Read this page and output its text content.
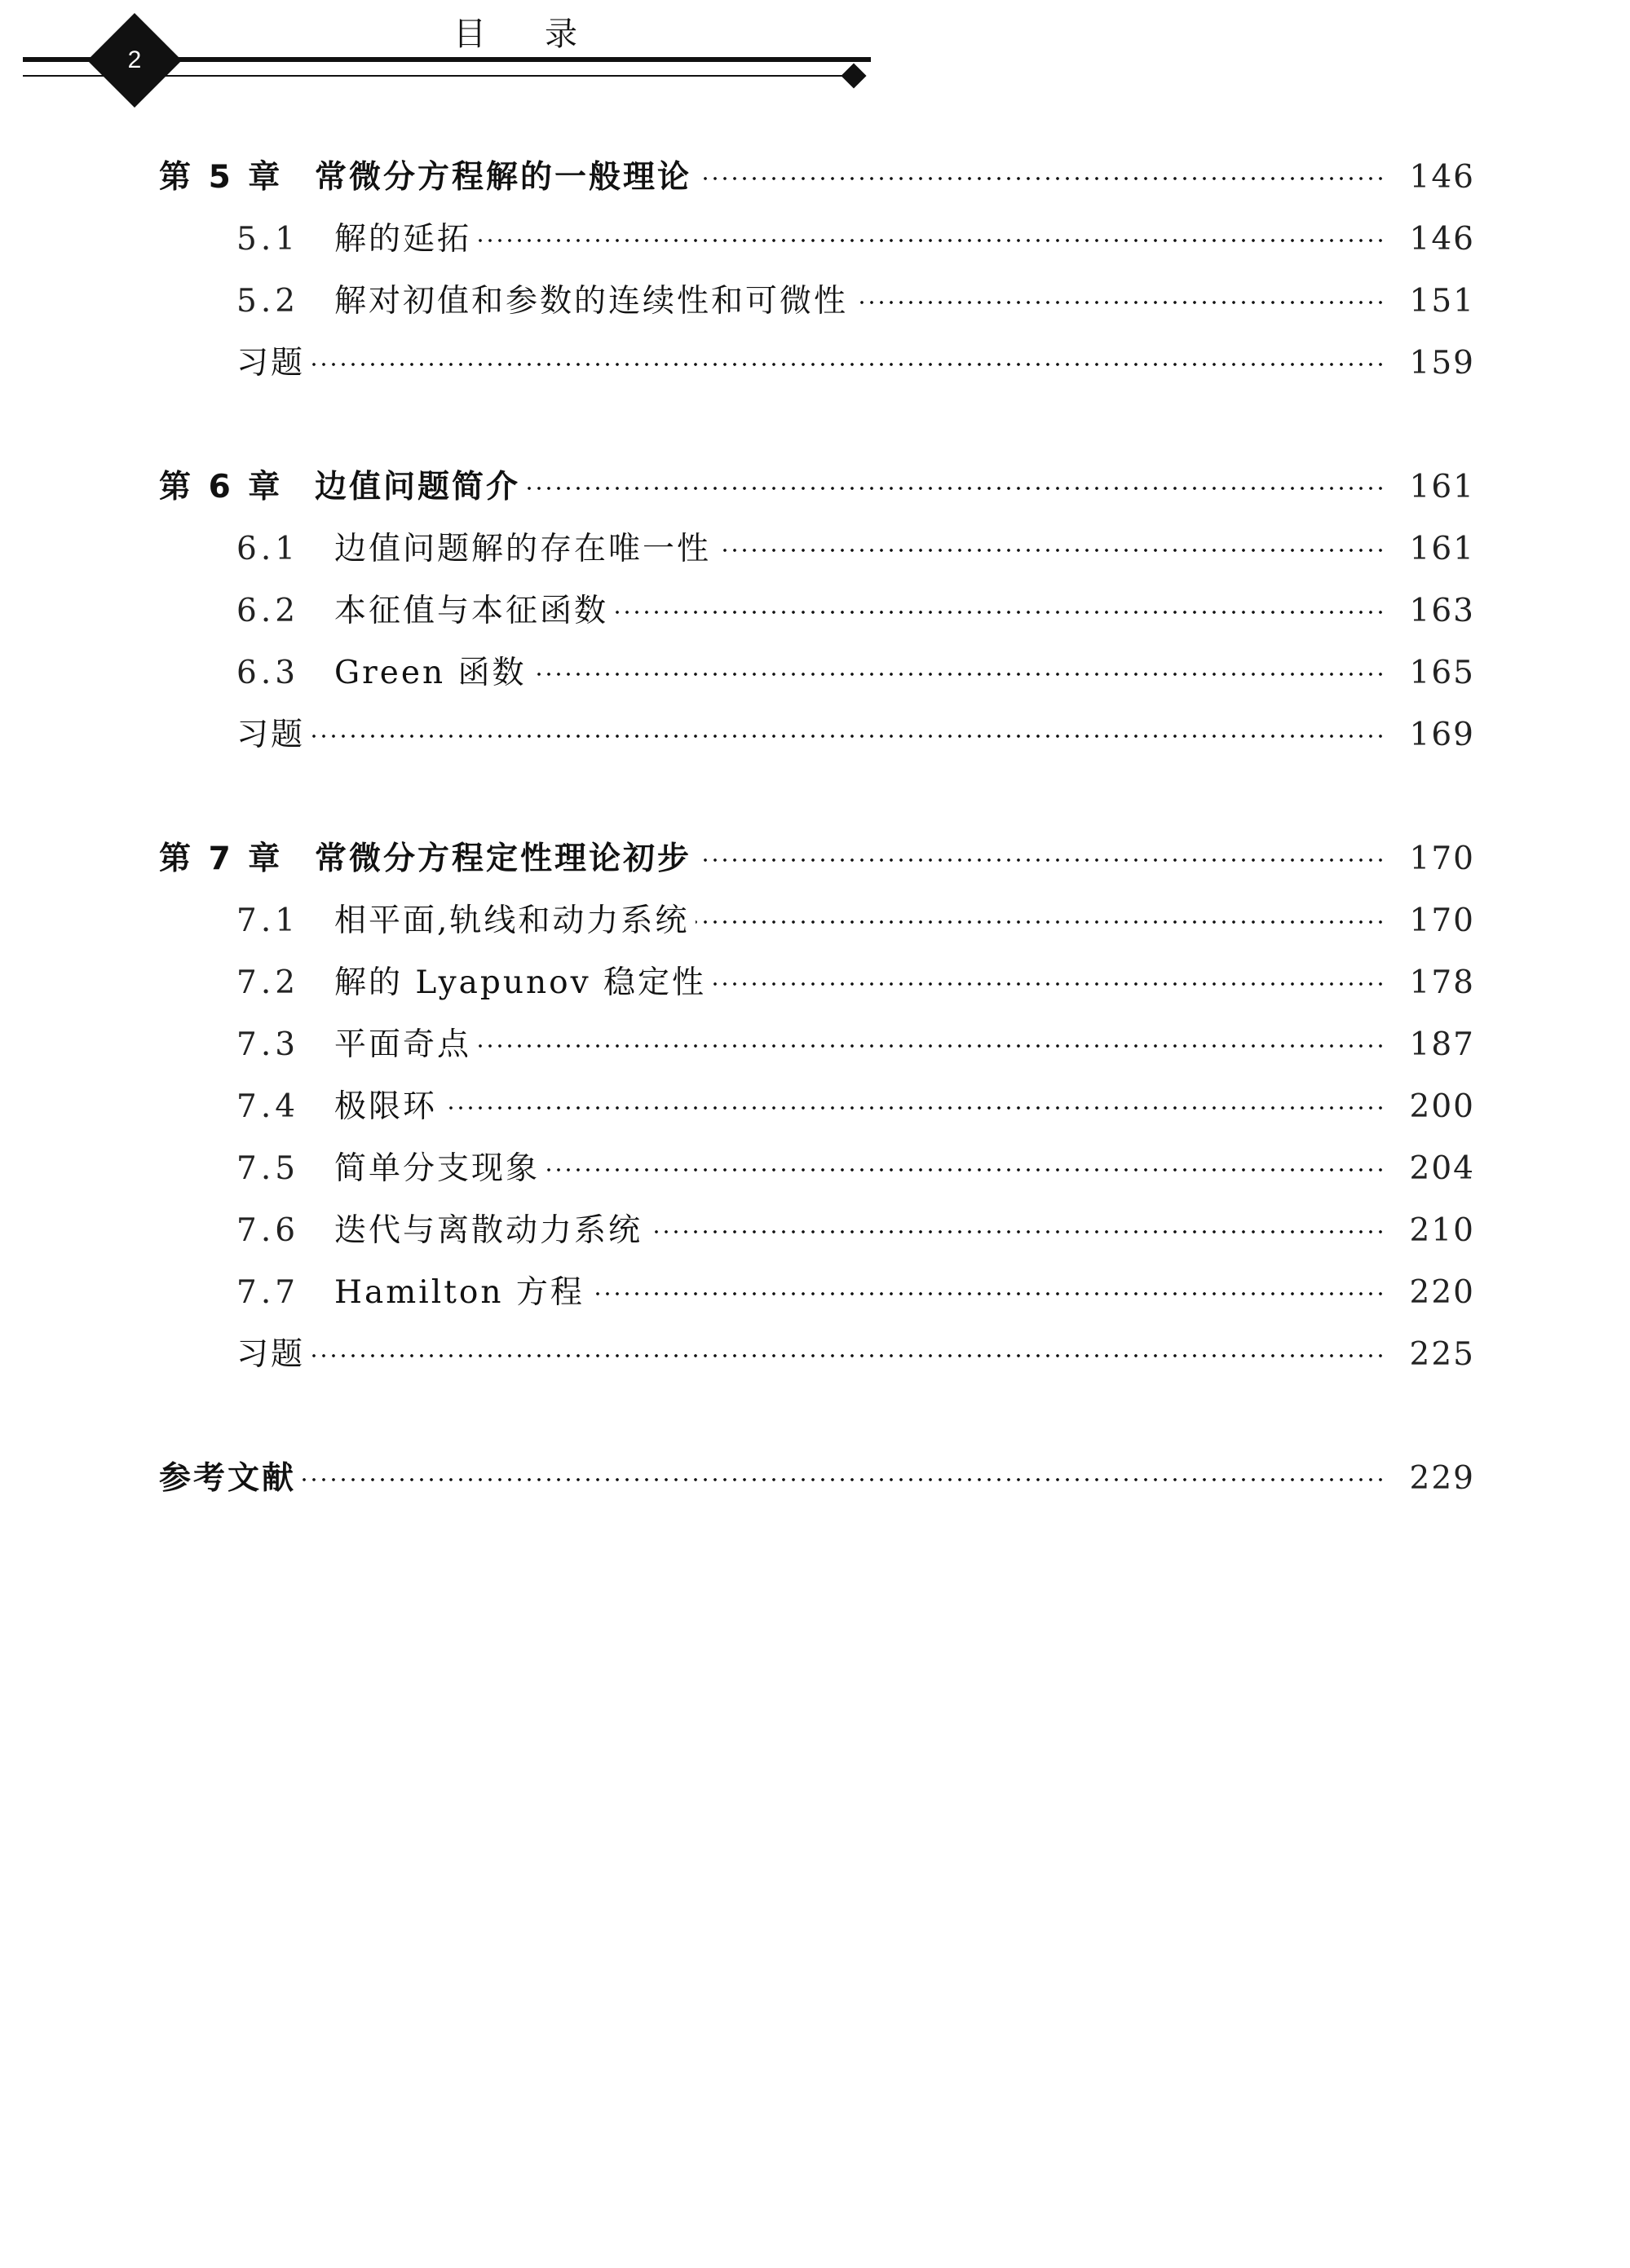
2
目录
第 5 章 常微分方程解的一般理论	146
5.1 解的延拓	146
5.2 解对初值和参数的连续性和可微性	151
习题	159
第 6 章 边值问题简介	161
6.1 边值问题解的存在唯一性	161
6.2 本征值与本征函数	163
6.3 Green 函数	165
习题	169
第 7 章 常微分方程定性理论初步	170
7.1 相平面,轨线和动力系统	170
7.2 解的 Lyapunov 稳定性	178
7.3 平面奇点	187
7.4 极限环	200
7.5 简单分支现象	204
7.6 迭代与离散动力系统	210
7.7 Hamilton 方程	220
习题	225
参考文献	229
